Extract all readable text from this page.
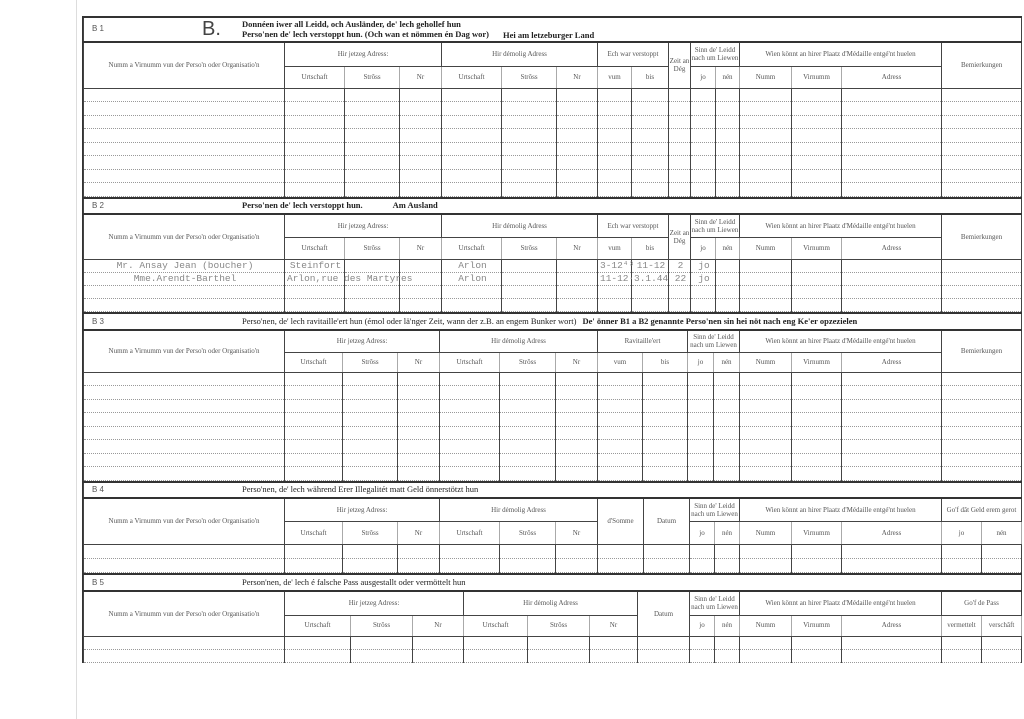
B 1 B. Donnéen iwer all Leidd, och Ausländer, de' lech gehollef hun
Perso'nen de' lech verstoppt hun. (Och wan et nömmen én Dag wor) Hei am letzeburger Land															
Numm a Virnumm vun der Perso'n oder Organisatio'n	Hir jetzeg Adress:			Hir démolig Adress			Ech war verstoppt		Zeit an Dég	Sinn de' Leidd nach um Liewen		Wien könnt an hirer Plaatz d'Médaille entgé'nt huelen			Bemierkungen
	Urtschaft	Strôss	Nr	Urtschaft	Strôss	Nr	vum	bis		jo	nén	Numm	Virnumm	Adress	

B 2 Perso'nen de' lech verstoppt hun. Am Ausland															
Numm a Virnumm vun der Perso'n oder Organisatio'n	Hir jetzeg Adress:			Hir démolig Adress			Ech war verstoppt		Zeit an Dég	Sinn de' Leidd nach um Liewen		Wien könnt an hirer Plaatz d'Médaille entgé'nt huelen			Bemierkungen
	Urtschaft	Strôss	Nr	Urtschaft	Strôss	Nr	vum	bis		jo	nén	Numm	Virnumm	Adress	
Mr. Ansay Jean (boucher)	Steinfort			Arlon			3-12⁴³	11-12	2	jo					
Mme.Arendt-Barthel	Arlon,rue des Martyres			Arlon			11-12·	3.1.44	22	jo					

B 3 Perso'nen, de' lech ravitaille'ert hun (émol oder lä'nger Zeit, wann der z.B. an engem Bunker wort) De' önner B1 a B2 genannte Perso'nen sin hei nöt nach eng Ke'er opzezielen														
Numm a Virnumm vun der Perso'n oder Organisatio'n	Hir jetzeg Adress:			Hir démolig Adress			Ravitaille'ert		Sinn de' Leidd nach um Liewen		Wien könnt an hirer Plaatz d'Médaille entgé'nt huelen			Bemierkungen
	Urtschaft	Strôss	Nr	Urtschaft	Strôss	Nr	vum	bis	jo	nén	Numm	Virnumm	Adress	

B 4 Perso'nen, de' lech während Erer Illegalitét matt Geld önnerstötzt hun															
Numm a Virnumm vun der Perso'n oder Organisatio'n	Hir jetzeg Adress:			Hir dėmolig Adress			d'Somme	Datum	Sinn de' Leidd nach um Liewen		Wien könnt an hirer Plaatz d'Médaille entgé'nt huelen			Go'f dât Geld erem gerot	
	Urtschaft	Strôss	Nr	Urtschaft	Strôss	Nr			jo	nén	Numm	Virnumm	Adress	jo	nén

B 5 Person'nen, de' lech é falsche Pass ausgestallt oder vermöttelt hun														
Numm a Virnumm vun der Perso'n oder Organisatio'n	Hir jetzeg Adress:			Hir dėmolig Adress			Datum	Sinn de' Leidd nach um Liewen		Wien könnt an hirer Plaatz d'Médaille entgé'nt huelen			Go'f de Pass	
	Urtschaft	Strôss	Nr	Urtschaft	Strôss	Nr		jo	nén	Numm	Virnumm	Adress	vermettelt	verschâft
